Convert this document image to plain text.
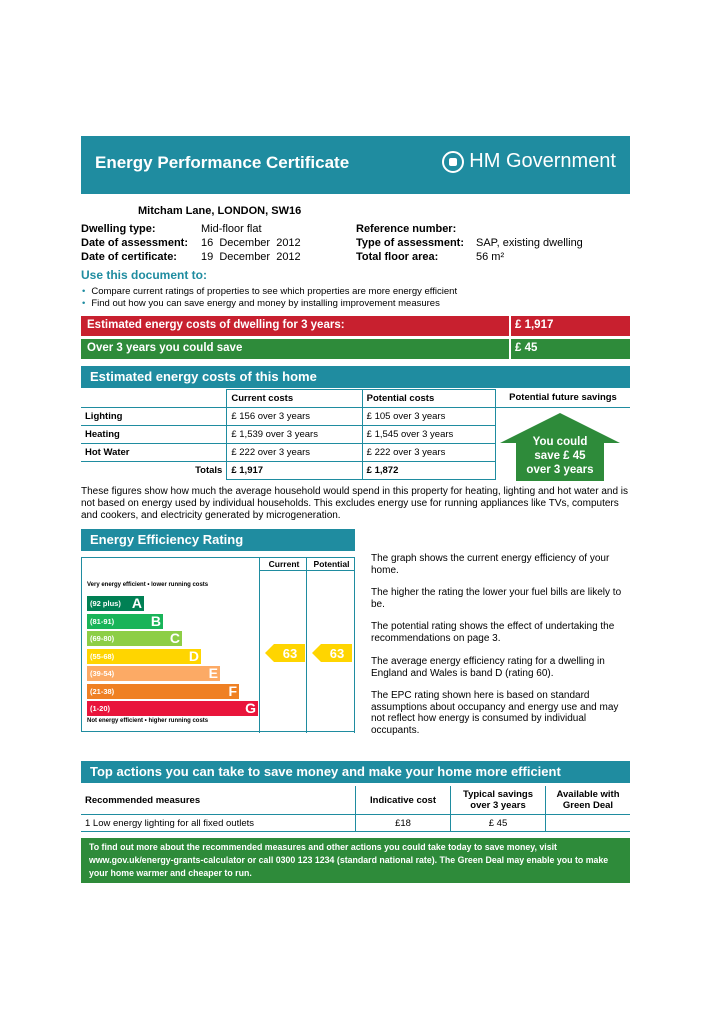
Energy Performance Certificate	HM Government
Mitcham Lane, LONDON, SW16
Dwelling type:	Mid-floor flat
Date of assessment: 16  December  2012
Date of certificate: 19  December  2012
Reference number:
Type of assessment: SAP, existing dwelling
Total floor area:	56 m²
Use this document to:
• Compare current ratings of properties to see which properties are more energy efficient
• Find out how you can save energy and money by installing improvement measures
Estimated energy costs of dwelling for 3 years:	£ 1,917
Over 3 years you could save	£ 45
Estimated energy costs of this home
	Current costs	Potential costs
Lighting	£ 156 over 3 years	£ 105 over 3 years
Heating	£ 1,539 over 3 years	£ 1,545 over 3 years
Hot Water	£ 222 over 3 years	£ 222 over 3 years
Totals	£ 1,917	£ 1,872
Potential future savings
You could
save £ 45
over 3 years
These figures show how much the average household would spend in this property for heating, lighting and hot water and is not based on energy used by individual households. This excludes energy use for running appliances like TVs, computers and cookers, and electricity generated by microgeneration.
Energy Efficiency Rating
Current	Potential
Very energy efficient • lower running costs
(92 plus) A
(81-91)	B
(69-80)	C
(55-68)	D
(39-54)	E
(21-38)	F
(1-20)	G
Not energy efficient • higher running costs
63	63
The graph shows the current energy efficiency of your home.
The higher the rating the lower your fuel bills are likely to be.
The potential rating shows the effect of undertaking the recommendations on page 3.
The average energy efficiency rating for a dwelling in England and Wales is band D (rating 60).
The EPC rating shown here is based on standard assumptions about occupancy and energy use and may not reflect how energy is consumed by individual occupants.
Top actions you can take to save money and make your home more efficient
Recommended measures	Indicative cost	Typical savings over 3 years	Available with Green Deal
1 Low energy lighting for all fixed outlets	£18	£ 45	
To find out more about the recommended measures and other actions you could take today to save money, visit www.gov.uk/energy-grants-calculator or call 0300 123 1234 (standard national rate). The Green Deal may enable you to make your home warmer and cheaper to run.
